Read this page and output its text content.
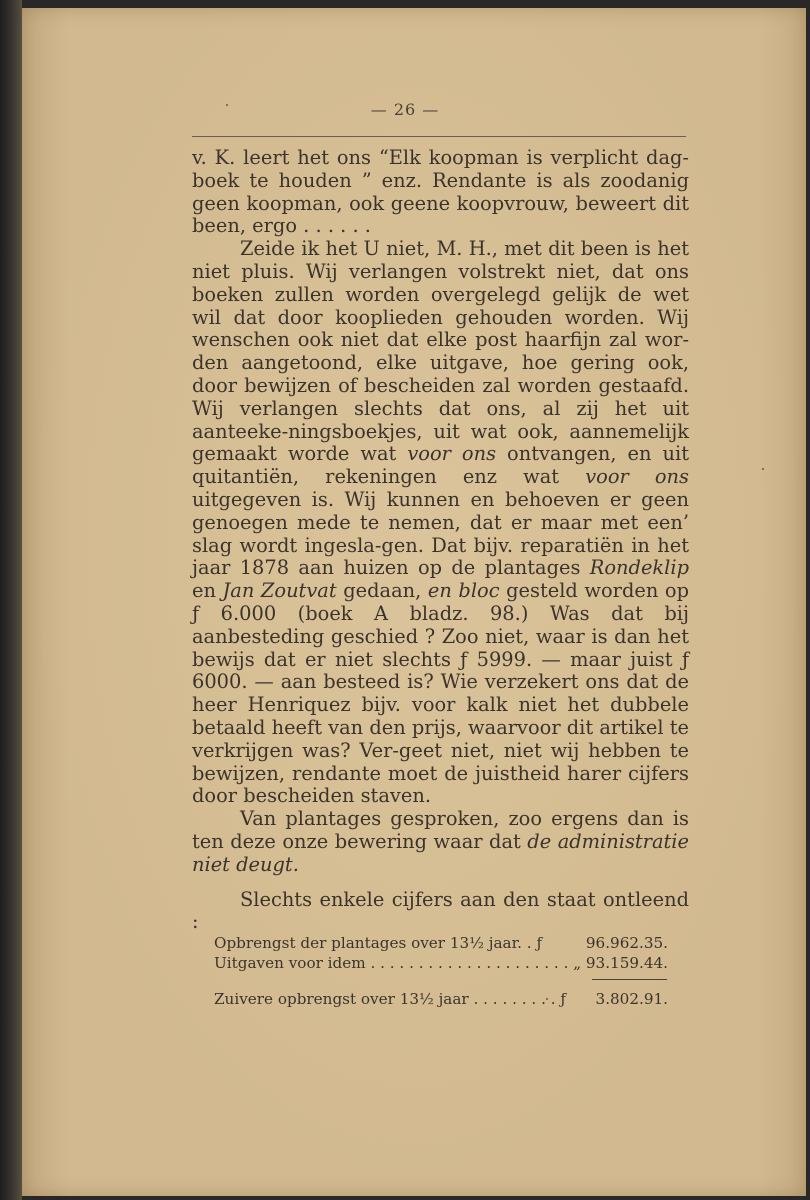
— 26 —

v. K. leert het ons “Elk koopman is verplicht dag-boek te houden ” enz. Rendante is als zoodanig geen koopman, ook geene koopvrouw, beweert dit been, ergo . . . . . .

Zeide ik het U niet, M. H., met dit been is het niet pluis. Wij verlangen volstrekt niet, dat ons boeken zullen worden overgelegd gelijk de wet wil dat door kooplieden gehouden worden. Wij wenschen ook niet dat elke post haarfijn zal wor-den aangetoond, elke uitgave, hoe gering ook, door bewijzen of bescheiden zal worden gestaafd. Wij verlangen slechts dat ons, al zij het uit aanteeke-ningsboekjes, uit wat ook, aannemelijk gemaakt worde wat voor ons ontvangen, en uit quitantiën, rekeningen enz wat voor ons uitgegeven is. Wij kunnen en behoeven er geen genoegen mede te nemen, dat er maar met een’ slag wordt ingesla-gen. Dat bijv. reparatiën in het jaar 1878 aan huizen op de plantages Rondeklip en Jan Zoutvat gedaan, en bloc gesteld worden op ƒ 6.000 (boek A bladz. 98.) Was dat bij aanbesteding geschied ? Zoo niet, waar is dan het bewijs dat er niet slechts ƒ 5999. — maar juist ƒ 6000. — aan besteed is? Wie verzekert ons dat de heer Henriquez bijv. voor kalk niet het dubbele betaald heeft van den prijs, waarvoor dit artikel te verkrijgen was? Ver-geet niet, niet wij hebben te bewijzen, rendante moet de juistheid harer cijfers door bescheiden staven.

Van plantages gesproken, zoo ergens dan is ten deze onze bewering waar dat de administratie niet deugt.

Slechts enkele cijfers aan den staat ontleend :

Opbrengst der plantages over 13½ jaar. . ƒ	96.962.35.
Uitgaven voor idem . . . . . . . . . . . . . . . . . . . . . „ 93.159.44.
Zuivere opbrengst over 13½ jaar . . . . . . . . . ƒ 3.802.91.
